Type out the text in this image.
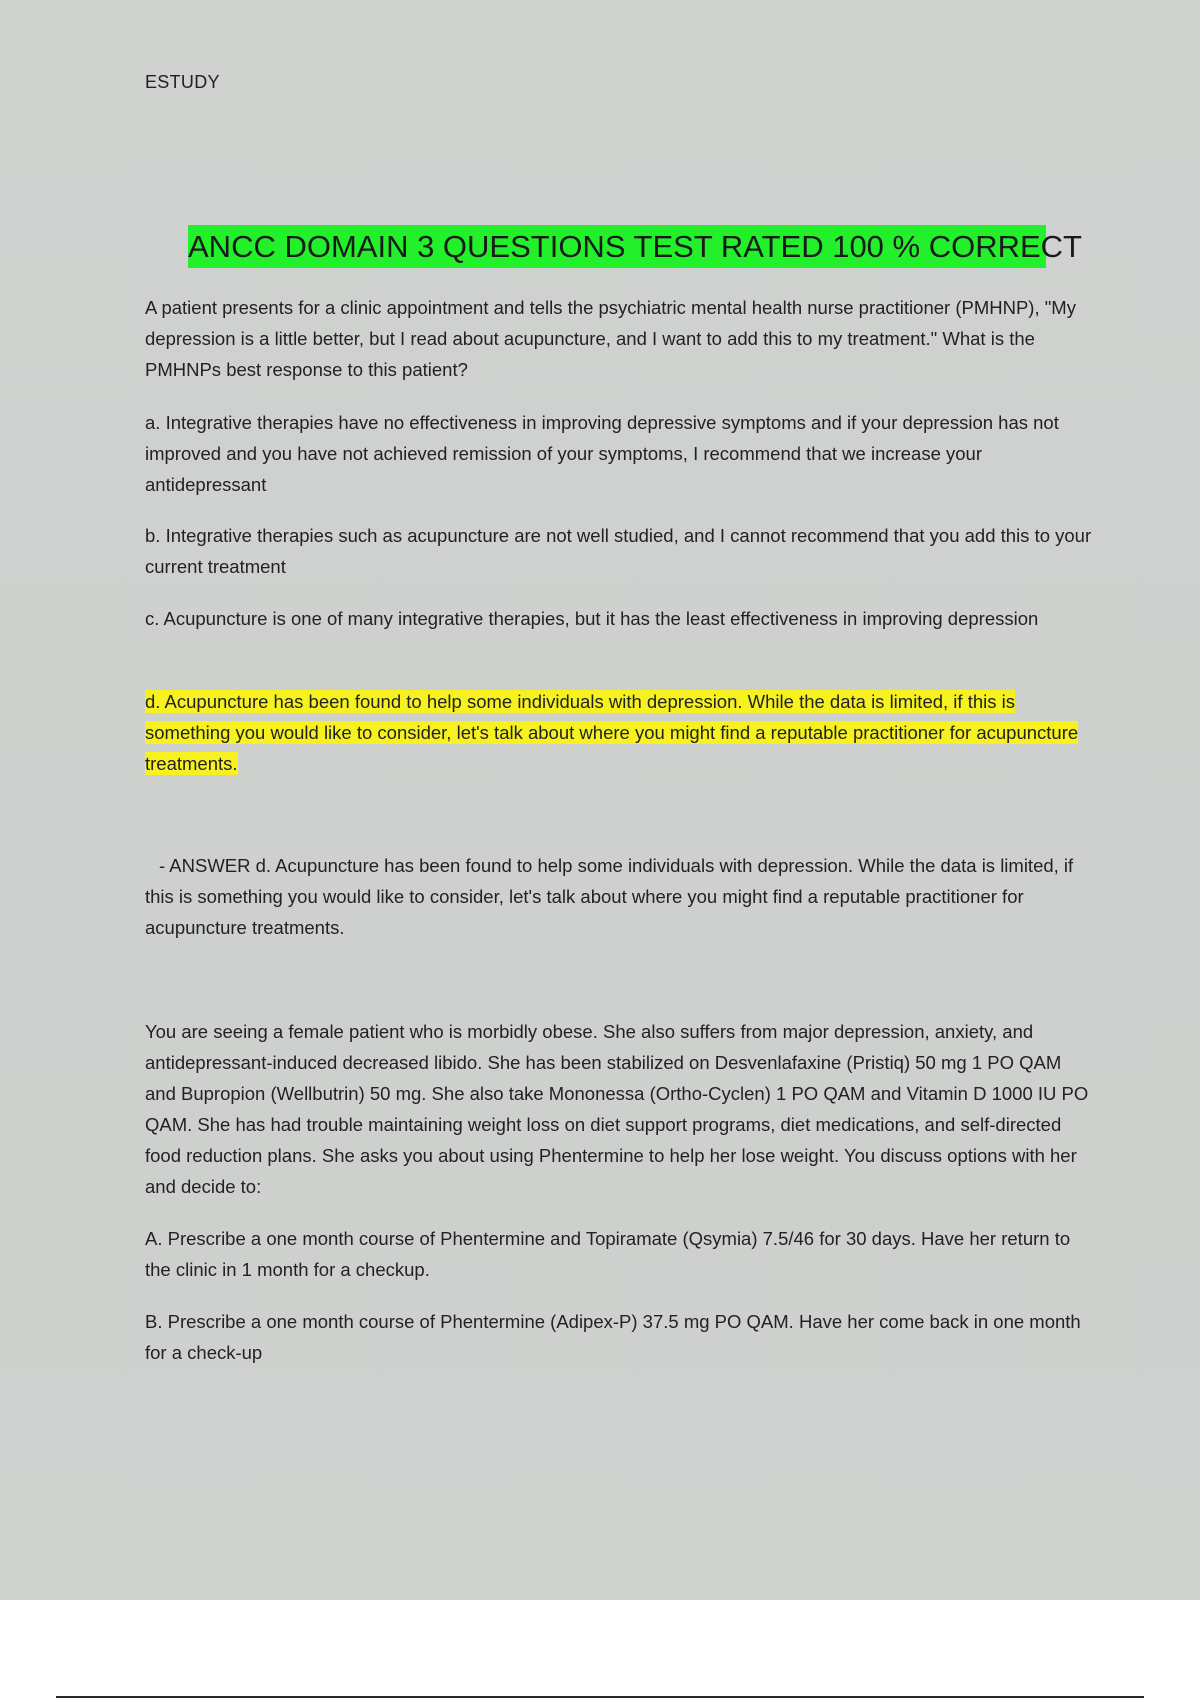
ESTUDY
ANCC DOMAIN 3 QUESTIONS TEST RATED 100 % CORRECT

A patient presents for a clinic appointment and tells the psychiatric mental health nurse practitioner (PMHNP), "My depression is a little better, but I read about acupuncture, and I want to add this to my treatment." What is the PMHNPs best response to this patient?

a. Integrative therapies have no effectiveness in improving depressive symptoms and if your depression has not improved and you have not achieved remission of your symptoms, I recommend that we increase your antidepressant

b. Integrative therapies such as acupuncture are not well studied, and I cannot recommend that you add this to your current treatment

c. Acupuncture is one of many integrative therapies, but it has the least effectiveness in improving depression

d. Acupuncture has been found to help some individuals with depression. While the data is limited, if this is something you would like to consider, let's talk about where you might find a reputable practitioner for acupuncture treatments.

- ANSWER d. Acupuncture has been found to help some individuals with depression. While the data is limited, if this is something you would like to consider, let's talk about where you might find a reputable practitioner for acupuncture treatments.

You are seeing a female patient who is morbidly obese. She also suffers from major depression, anxiety, and antidepressant-induced decreased libido. She has been stabilized on Desvenlafaxine (Pristiq) 50 mg 1 PO QAM and Bupropion (Wellbutrin) 50 mg. She also take Mononessa (Ortho-Cyclen) 1 PO QAM and Vitamin D 1000 IU PO QAM. She has had trouble maintaining weight loss on diet support programs, diet medications, and self-directed food reduction plans. She asks you about using Phentermine to help her lose weight. You discuss options with her and decide to:

A. Prescribe a one month course of Phentermine and Topiramate (Qsymia) 7.5/46 for 30 days. Have her return to the clinic in 1 month for a checkup.

B. Prescribe a one month course of Phentermine (Adipex-P) 37.5 mg PO QAM. Have her come back in one month for a check-up
